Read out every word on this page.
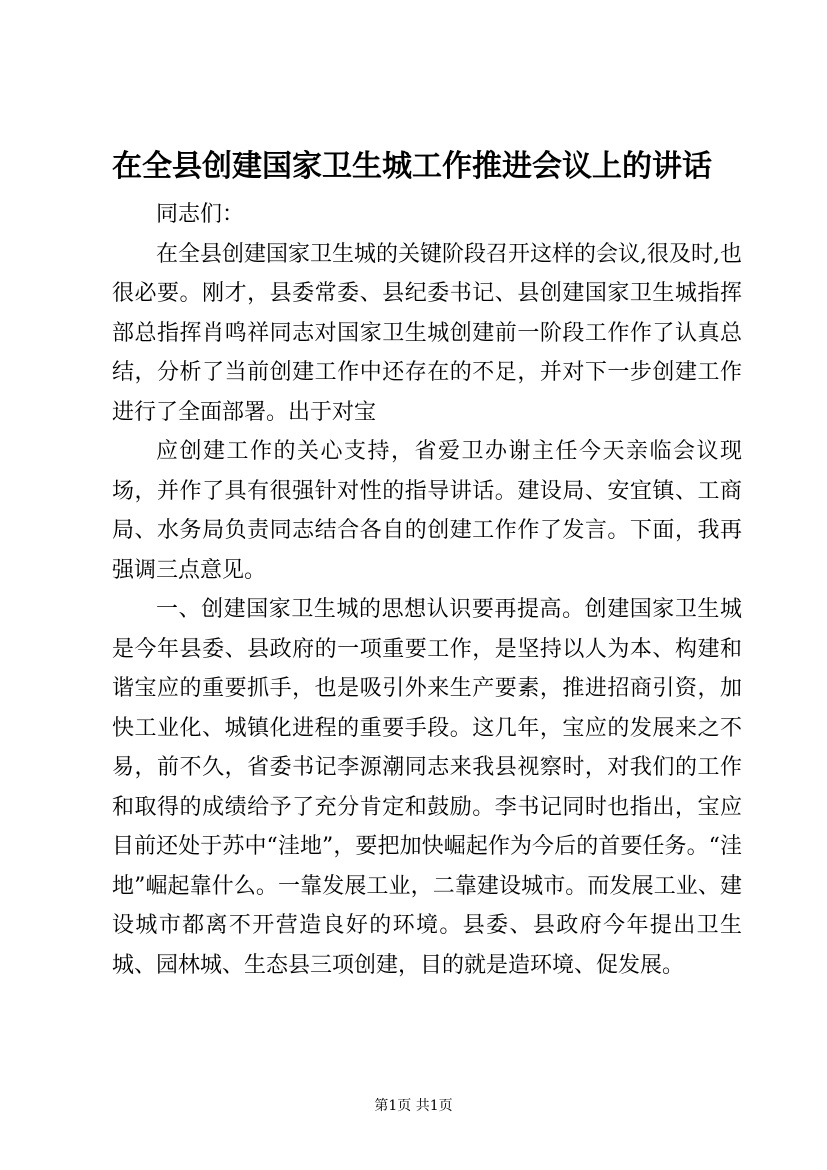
在全县创建国家卫生城工作推进会议上的讲话

同志们：

在全县创建国家卫生城的关键阶段召开这样的会议,很及时,也很必要。刚才，县委常委、县纪委书记、县创建国家卫生城指挥部总指挥肖鸣祥同志对国家卫生城创建前一阶段工作作了认真总结，分析了当前创建工作中还存在的不足，并对下一步创建工作进行了全面部署。出于对宝

应创建工作的关心支持，省爱卫办谢主任今天亲临会议现场，并作了具有很强针对性的指导讲话。建设局、安宜镇、工商局、水务局负责同志结合各自的创建工作作了发言。下面，我再强调三点意见。

一、创建国家卫生城的思想认识要再提高。创建国家卫生城是今年县委、县政府的一项重要工作，是坚持以人为本、构建和谐宝应的重要抓手，也是吸引外来生产要素，推进招商引资，加快工业化、城镇化进程的重要手段。这几年，宝应的发展来之不易，前不久，省委书记李源潮同志来我县视察时，对我们的工作和取得的成绩给予了充分肯定和鼓励。李书记同时也指出，宝应目前还处于苏中“洼地”，要把加快崛起作为今后的首要任务。“洼地”崛起靠什么。一靠发展工业，二靠建设城市。而发展工业、建设城市都离不开营造良好的环境。县委、县政府今年提出卫生城、园林城、生态县三项创建，目的就是造环境、促发展。

第1页 共1页
